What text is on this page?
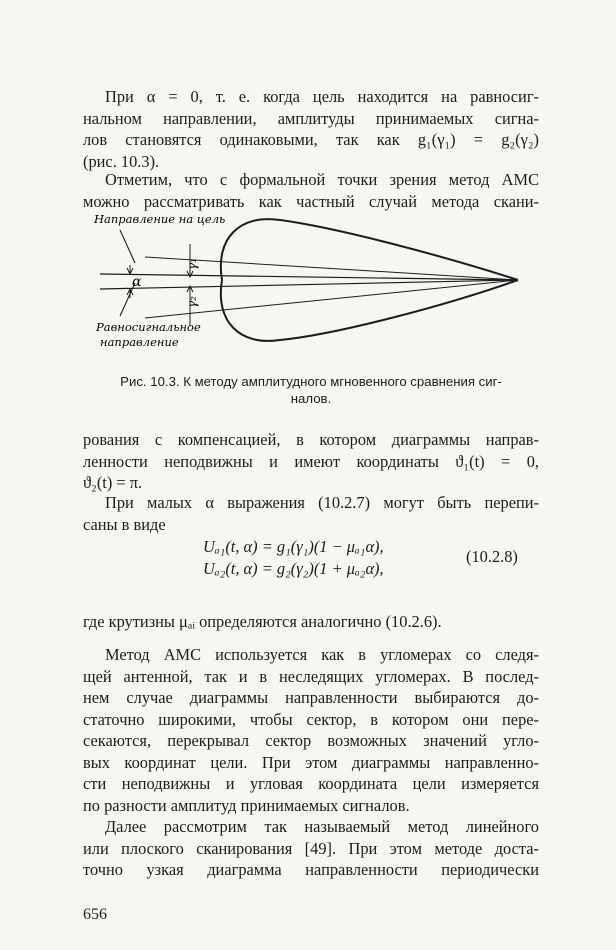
При α = 0, т. е. когда цель находится на равносиг-
нальном направлении, амплитуды принимаемых сигна-
лов становятся одинаковыми, так как g₁(γ₁) = g₂(γ₂)
(рис. 10.3).
Отметим, что с формальной точки зрения метод АМС
можно рассматривать как частный случай метода скани-
Направление на цель
Равносигнальное
направление
α
γ₁
γ₂
Рис. 10.3. К методу амплитудного мгновенного сравнения сиг-
налов.
рования с компенсацией, в котором диаграммы направ-
ленности неподвижны и имеют координаты ϑ₁(t) = 0,
ϑ₂(t) = π.
При малых α выражения (10.2.7) могут быть перепи-
саны в виде
Uₐ₁(t, α) = g₁(γ₁)(1 − μₐ₁α),
Uₐ₂(t, α) = g₂(γ₂)(1 + μₐ₂α),
(10.2.8)
где крутизны μₐᵢ определяются аналогично (10.2.6).
Метод АМС используется как в угломерах со следя-
щей антенной, так и в неследящих угломерах. В послед-
нем случае диаграммы направленности выбираются до-
статочно широкими, чтобы сектор, в котором они пере-
секаются, перекрывал сектор возможных значений угло-
вых координат цели. При этом диаграммы направленно-
сти неподвижны и угловая координата цели измеряется
по разности амплитуд принимаемых сигналов.
Далее рассмотрим так называемый метод линейного
или плоского сканирования [49]. При этом методе доста-
точно узкая диаграмма направленности периодически
656
